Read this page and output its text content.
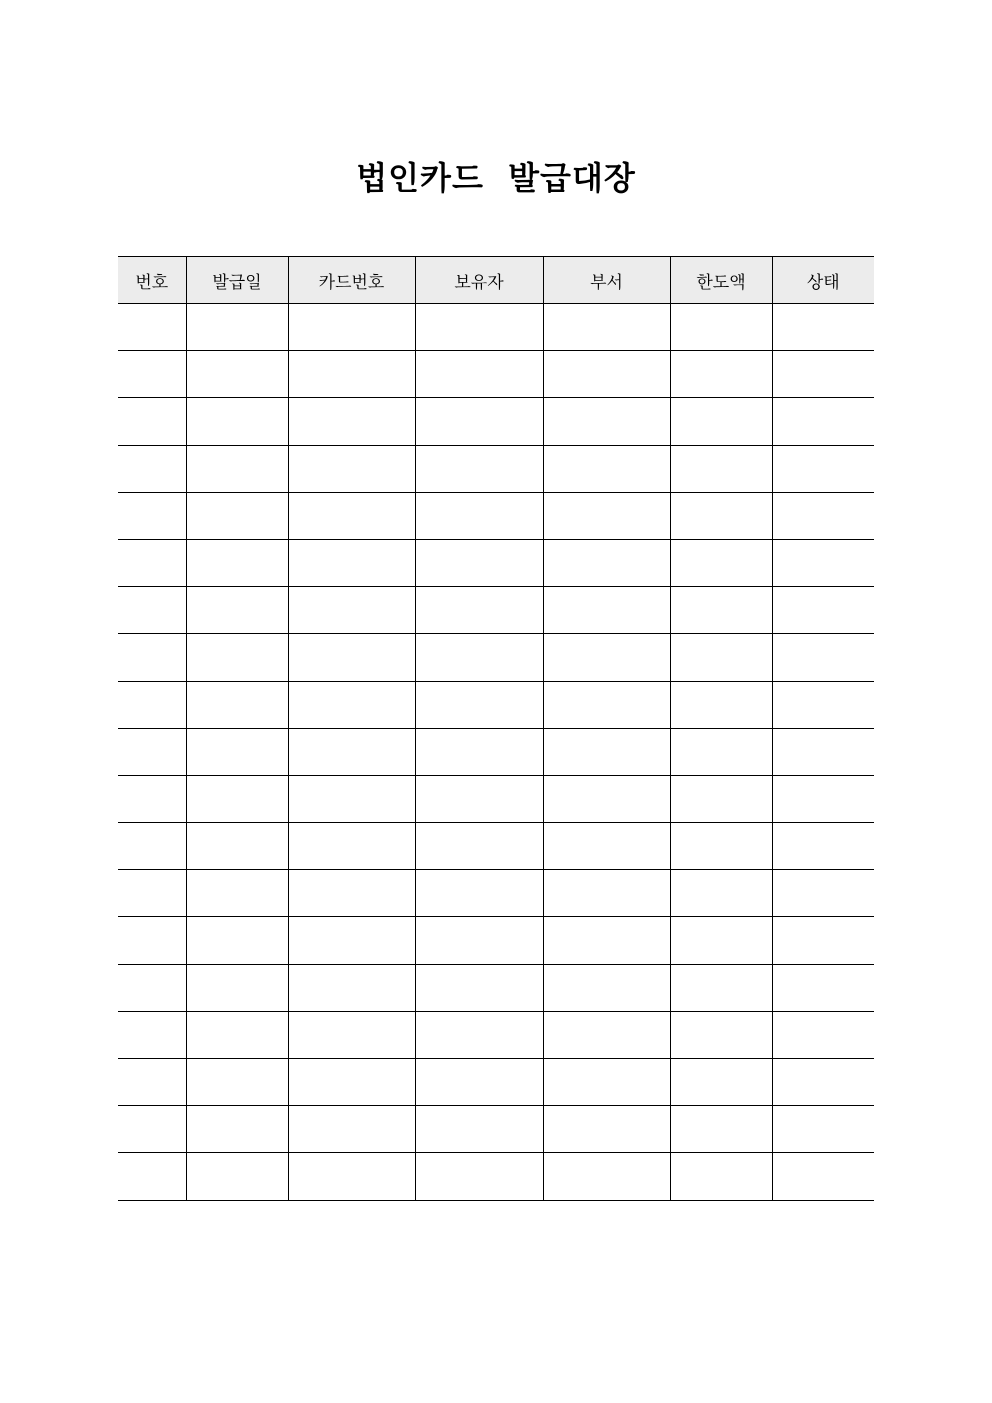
법인카드  발급대장
번호	발급일	카드번호	보유자	부서	한도액	상태
